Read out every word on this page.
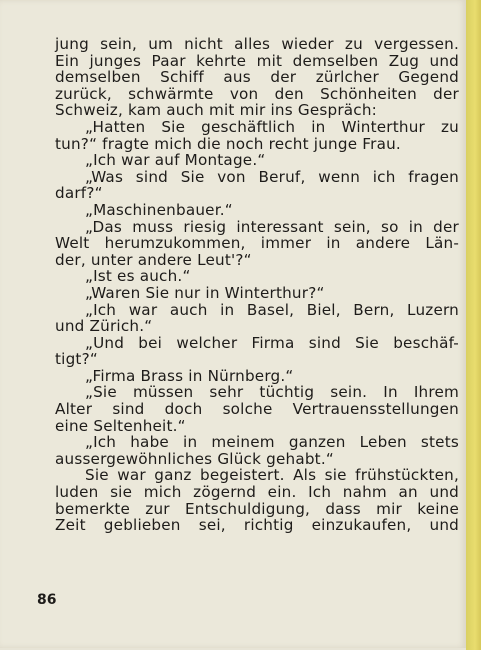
jung sein, um nicht alles wieder zu vergessen.
Ein junges Paar kehrte mit demselben Zug und
demselben Schiff aus der zürlcher Gegend
zurück, schwärmte von den Schönheiten der
Schweiz, kam auch mit mir ins Gespräch:
„Hatten Sie geschäftlich in Winterthur zu
tun?“ fragte mich die noch recht junge Frau.
„Ich war auf Montage.“
„Was sind Sie von Beruf, wenn ich fragen
darf?“
„Maschinenbauer.“
„Das muss riesig interessant sein, so in der
Welt herumzukommen, immer in andere Län-
der, unter andere Leut'?“
„Ist es auch.“
„Waren Sie nur in Winterthur?“
„Ich war auch in Basel, Biel, Bern, Luzern
und Zürich.“
„Und bei welcher Firma sind Sie beschäf-
tigt?“
„Firma Brass in Nürnberg.“
„Sie müssen sehr tüchtig sein. In Ihrem
Alter sind doch solche Vertrauensstellungen
eine Seltenheit.“
„Ich habe in meinem ganzen Leben stets
aussergewöhnliches Glück gehabt.“
Sie war ganz begeistert. Als sie frühstückten,
luden sie mich zögernd ein. Ich nahm an und
bemerkte zur Entschuldigung, dass mir keine
Zeit geblieben sei, richtig einzukaufen, und
86
